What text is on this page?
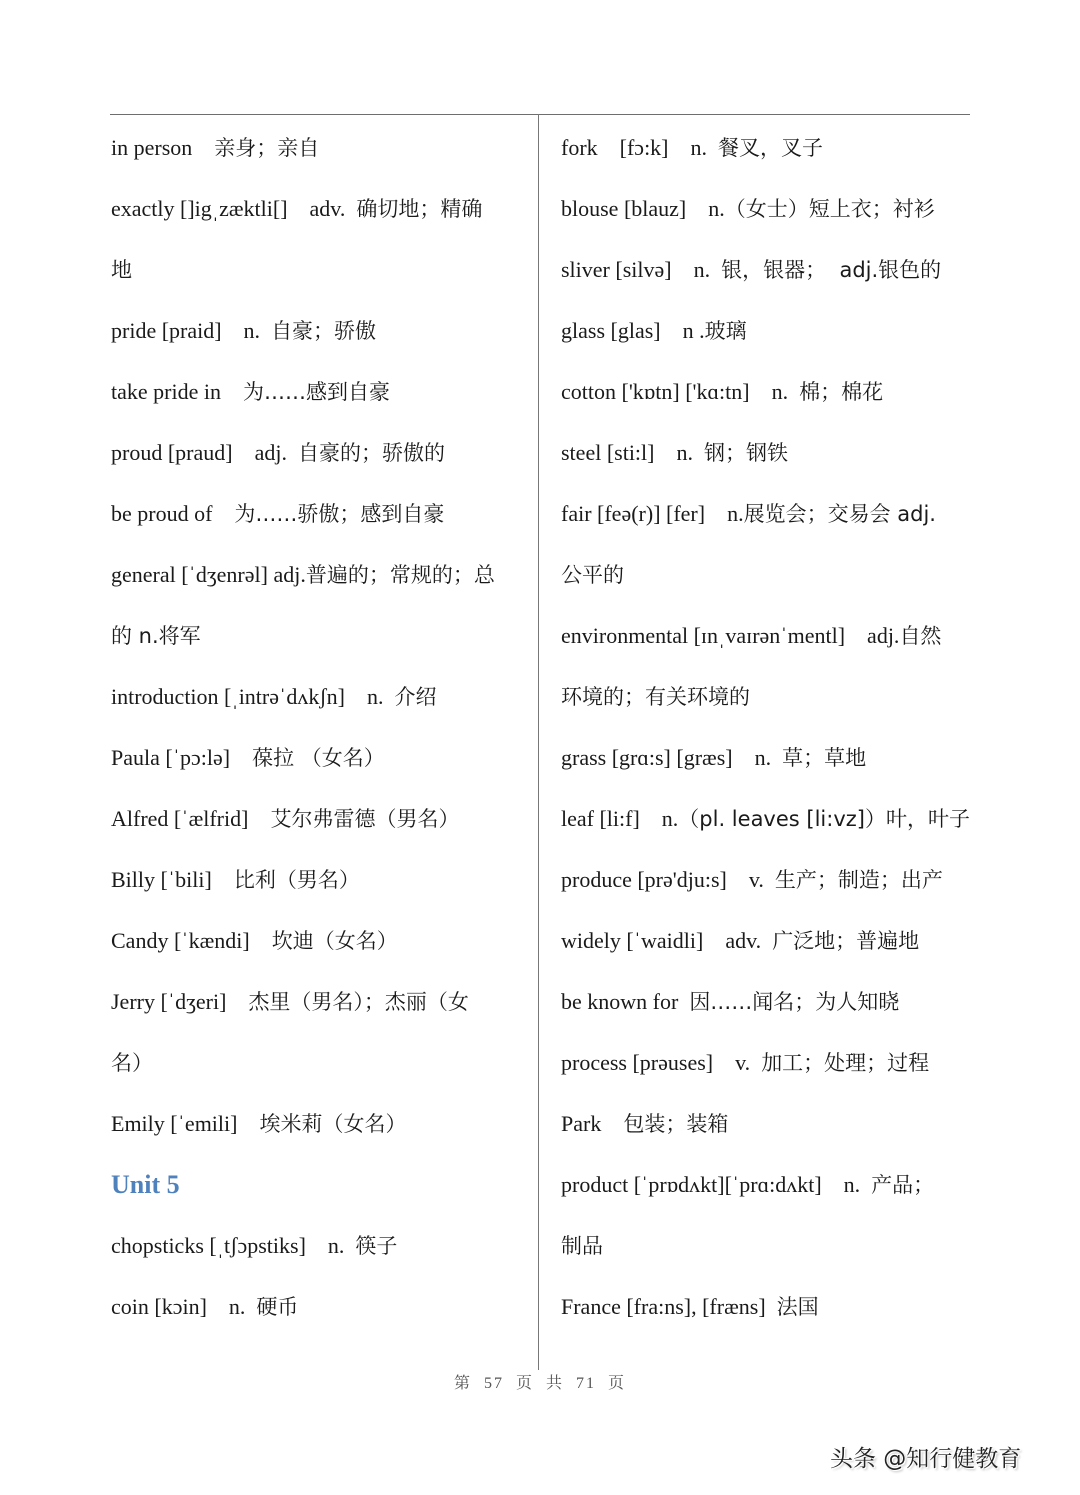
in person    亲身；亲自
exactly []igˌzæktli[]    adv.  确切地；精确
地
pride [praid]    n.  自豪；骄傲
take pride in    为……感到自豪
proud [praud]    adj.  自豪的；骄傲的
be proud of    为……骄傲；感到自豪
general [ˈdʒenrəl] adj.普遍的；常规的；总
的 n.将军
introduction [ˌintrəˈdʌkʃn]    n.  介绍
Paula [ˈpɔ:lə]    葆拉 （女名）
Alfred [ˈælfrid]    艾尔弗雷德（男名）
Billy [ˈbili]    比利（男名）
Candy [ˈkændi]    坎迪（女名）
Jerry [ˈdʒeri]    杰里（男名）；杰丽（女
名）
Emily [ˈemili]    埃米莉（女名）
Unit 5
chopsticks [ˌtʃɔpstiks]    n.  筷子
coin [kɔin]    n.  硬币
fork    [fɔ:k]    n.  餐叉，叉子
blouse [blauz]    n.（女士）短上衣；衬衫
sliver [silvə]    n.  银，银器；  adj.银色的
glass [glas]    n .玻璃
cotton ['kɒtn] ['kɑ:tn]    n.  棉；棉花
steel [sti:l]    n.  钢；钢铁
fair [feə(r)] [fer]    n.展览会；交易会 adj.
公平的
environmental [ɪnˌvaɪrənˈmentl]    adj.自然
环境的；有关环境的
grass [grɑ:s] [græs]    n.  草；草地
leaf [li:f]    n.（pl. leaves [li:vz]）叶，叶子
produce [prə'dju:s]    v.  生产；制造；出产
widely [ˈwaidli]    adv.  广泛地；普遍地
be known for  因……闻名；为人知晓
process [prəuses]    v.  加工；处理；过程
Park    包装；装箱
product [ˈprɒdʌkt][ˈprɑ:dʌkt]    n.  产品；
制品
France [fra:ns], [fræns]  法国
第 57 页 共 71 页
头条 @知行健教育
